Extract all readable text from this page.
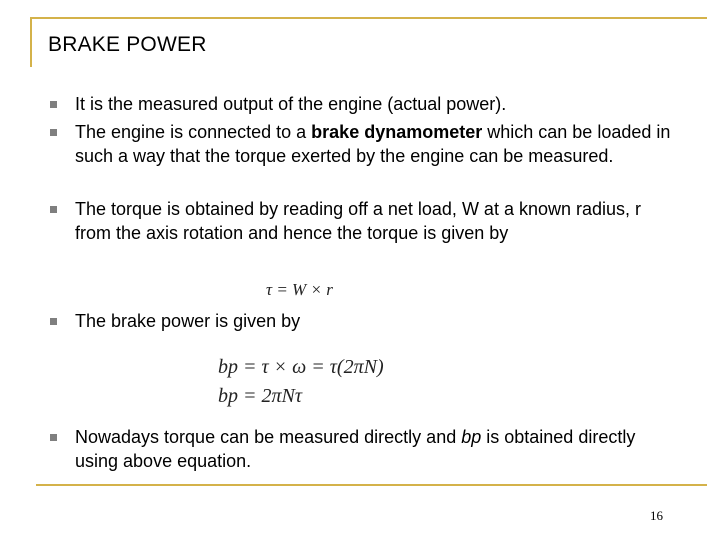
BRAKE POWER
It is the measured output of the engine (actual power).
The engine is connected to a brake dynamometer which can be loaded in such a way that the torque exerted by the engine can be measured.
The torque is obtained by reading off a net load, W at a known radius, r from the axis rotation and hence the torque is given by
τ = W × r
The brake power is given by
bp = τ × ω = τ(2πN)
bp = 2πNτ
Nowadays torque can be measured directly and bp is obtained directly using above equation.
16
